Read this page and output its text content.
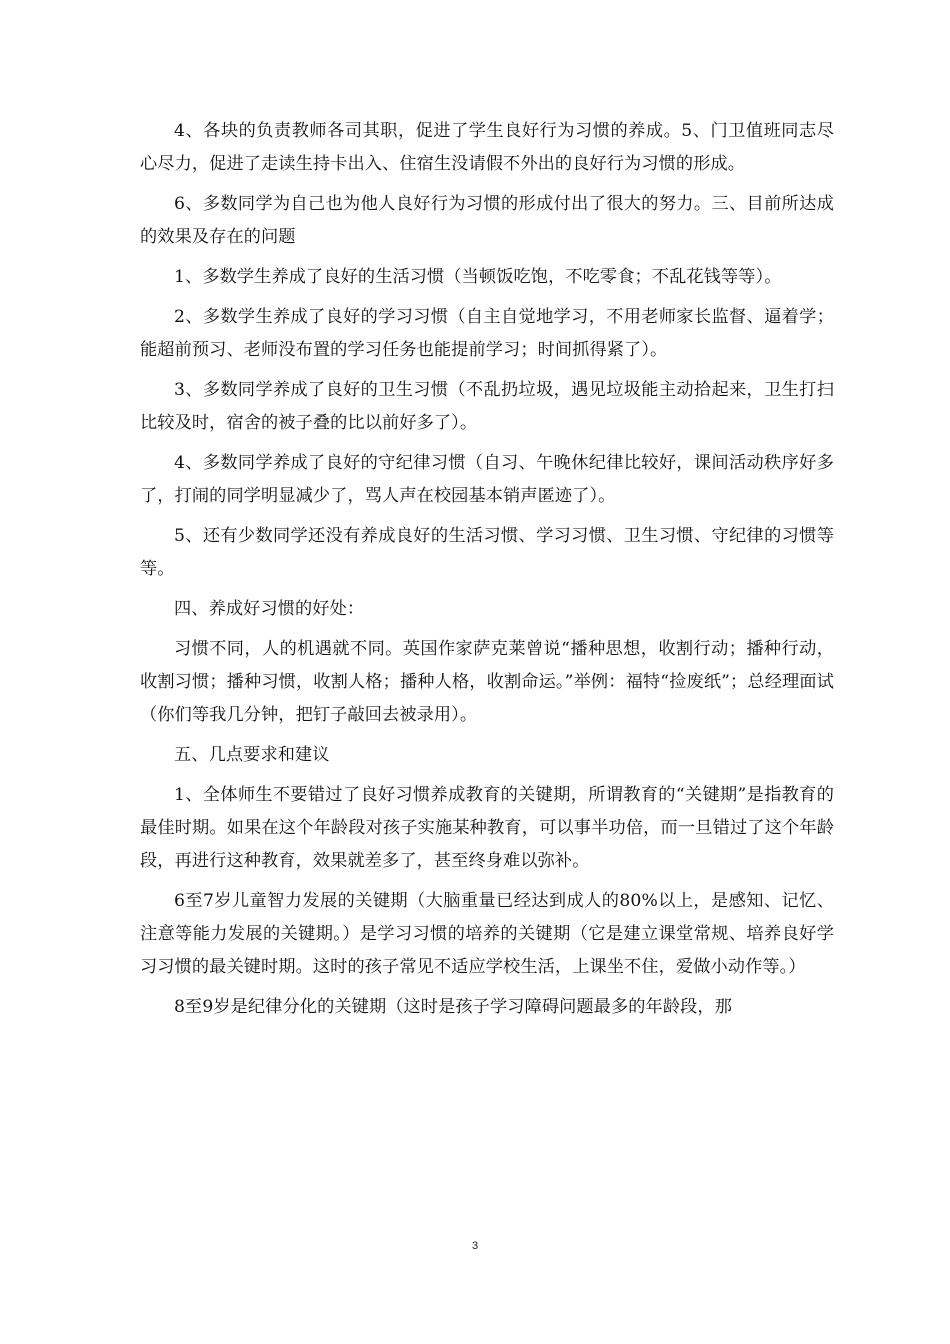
4、各块的负责教师各司其职，促进了学生良好行为习惯的养成。5、门卫值班同志尽心尽力，促进了走读生持卡出入、住宿生没请假不外出的良好行为习惯的形成。

6、多数同学为自己也为他人良好行为习惯的形成付出了很大的努力。三、目前所达成的效果及存在的问题

1、多数学生养成了良好的生活习惯（当顿饭吃饱，不吃零食；不乱花钱等等）。

2、多数学生养成了良好的学习习惯（自主自觉地学习，不用老师家长监督、逼着学；能超前预习、老师没布置的学习任务也能提前学习；时间抓得紧了）。

3、多数同学养成了良好的卫生习惯（不乱扔垃圾，遇见垃圾能主动拾起来，卫生打扫比较及时，宿舍的被子叠的比以前好多了）。

4、多数同学养成了良好的守纪律习惯（自习、午晚休纪律比较好，课间活动秩序好多了，打闹的同学明显减少了，骂人声在校园基本销声匿迹了）。

5、还有少数同学还没有养成良好的生活习惯、学习习惯、卫生习惯、守纪律的习惯等等。

四、养成好习惯的好处：

习惯不同，人的机遇就不同。英国作家萨克莱曾说“播种思想，收割行动；播种行动，收割习惯；播种习惯，收割人格；播种人格，收割命运。”举例：福特“捡废纸”；总经理面试（你们等我几分钟，把钉子敲回去被录用）。

五、几点要求和建议

1、全体师生不要错过了良好习惯养成教育的关键期，所谓教育的“关键期”是指教育的最佳时期。如果在这个年龄段对孩子实施某种教育，可以事半功倍，而一旦错过了这个年龄段，再进行这种教育，效果就差多了，甚至终身难以弥补。

6至7岁儿童智力发展的关键期（大脑重量已经达到成人的80%以上，是感知、记忆、注意等能力发展的关键期。）是学习习惯的培养的关键期（它是建立课堂常规、培养良好学习习惯的最关键时期。这时的孩子常见不适应学校生活，上课坐不住，爱做小动作等。）

8至9岁是纪律分化的关键期（这时是孩子学习障碍问题最多的年龄段，那

3
